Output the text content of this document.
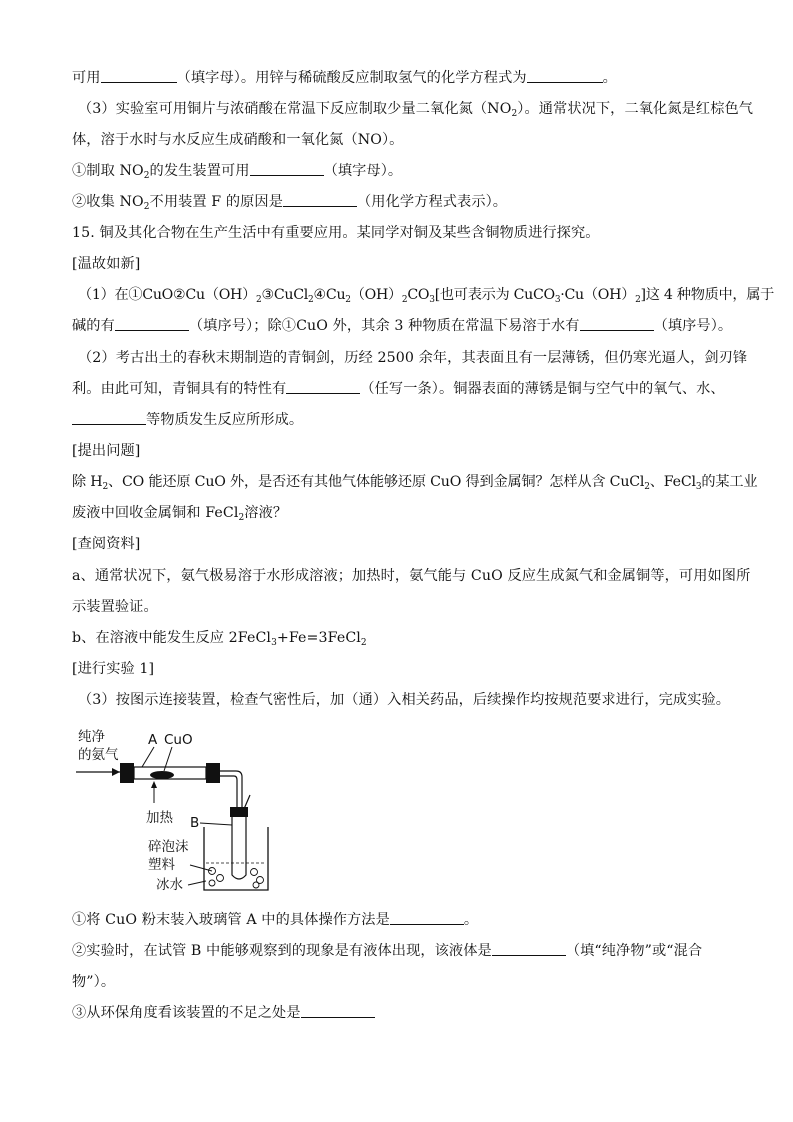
可用	（填字母）。用锌与稀硫酸反应制取氢气的化学方程式为	。
（3）实验室可用铜片与浓硝酸在常温下反应制取少量二氧化氮$(NO_2)$。通常状况下，二氧化氮是红棕色气
体，溶于水时与水反应生成硝酸和一氧化氮（NO）。
①制取 $NO_2$的发生装置可用	（填字母）。
②收集 $NO_2$不用装置 F 的原因是	（用化学方程式表示）。
15. 铜及其化合物在生产生活中有重要应用。某同学对铜及某些含铜物质进行探究。
[温故如新]
（1）在$①CuO②Cu(OH)_2③CuCl_2④Cu_2(OH)_2CO_3$[也可表示为 $CuCO_3\cdot Cu(OH)_2$]这 4 种物质中，属于
碱的有	（填序号）；除①CuO 外，其余 3 种物质在常温下易溶于水有	（填序号）。
（2）考古出土的春秋末期制造的青铜剑，历经 2500 余年，其表面且有一层薄锈，但仍寒光逼人，剑刃锋
利。由此可知，青铜具有的特性有	（任写一条）。铜器表面的薄锈是铜与空气中的氧气、水、
等物质发生反应所形成。
[提出问题]
除 $H_2$、CO 能还原 CuO 外，是否还有其他气体能够还原 CuO 得到金属铜？怎样从含 CuCl$_2$、FeCl$_3$的某工业
废液中回收金属铜和 FeCl$_2$溶液？
[查阅资料]
a、通常状况下，氨气极易溶于水形成溶液；加热时，氨气能与 CuO 反应生成氮气和金属铜等，可用如图所
示装置验证。
b、在溶液中能发生反应 2FeCl$_3$+Fe=3FeCl$_2$
[进行实验 1]
（3）按图示连接装置，检查气密性后，加（通）入相关药品，后续操作均按规范要求进行，完成实验。
纯净
的氨气
A CuO
加热 B
碎泡沫
塑料
冰水
①将 CuO 粉末装入玻璃管 A 中的具体操作方法是	。
②实验时，在试管 B 中能够观察到的现象是有液体出现，该液体是	（填“纯净物”或“混合
物”）。
③从环保角度看该装置的不足之处是
